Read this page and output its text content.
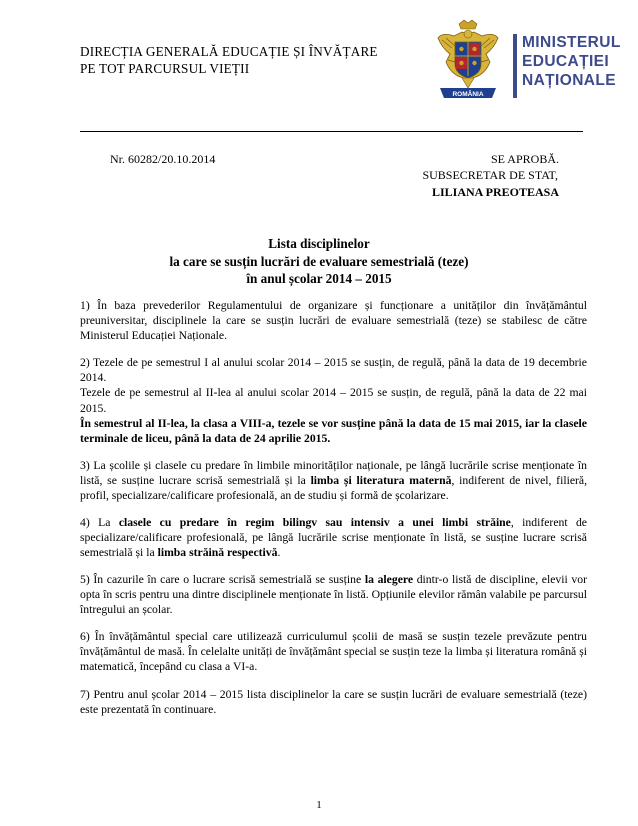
DIRECȚIA GENERALĂ EDUCAȚIE ȘI ÎNVĂȚARE
PE TOT PARCURSUL VIEȚII
ROMÂNIA
MINISTERUL
EDUCAȚIEI
NAȚIONALE
Nr. 60282/20.10.2014	SE APROBĂ.
SUBSECRETAR DE STAT,
LILIANA PREOTEASA
Lista disciplinelor
la care se susțin lucrări de evaluare semestrială (teze)
în anul școlar 2014 – 2015

1) În baza prevederilor Regulamentului de organizare și funcționare a unităților din învățământul preuniversitar, disciplinele la care se susțin lucrări de evaluare semestrială (teze) se stabilesc de către Ministerul Educației Naționale.

2) Tezele de pe semestrul I al anului scolar 2014 – 2015 se susțin, de regulă, până la data de 19 decembrie 2014.

Tezele de pe semestrul al II-lea al anului scolar 2014 – 2015 se susțin, de regulă, până la data de 22 mai 2015.

În semestrul al II-lea, la clasa a VIII-a, tezele se vor susține până la data de 15 mai 2015, iar la clasele terminale de liceu, până la data de 24 aprilie 2015.

3) La școlile și clasele cu predare în limbile minorităților naționale, pe lângă lucrările scrise menționate în listă, se susține lucrare scrisă semestrială și la limba și literatura maternă, indiferent de nivel, filieră, profil, specializare/calificare profesională, an de studiu și formă de școlarizare.

4) La clasele cu predare în regim bilingv sau intensiv a unei limbi străine, indiferent de specializare/calificare profesională, pe lângă lucrările scrise menționate în listă, se susține lucrare scrisă semestrială și la limba străină respectivă.

5) În cazurile în care o lucrare scrisă semestrială se susține la alegere dintr-o listă de discipline, elevii vor opta în scris pentru una dintre disciplinele menționate în listă. Opțiunile elevilor rămân valabile pe parcursul întregului an școlar.

6) În învățământul special care utilizează curriculumul școlii de masă se susțin tezele prevăzute pentru învățământul de masă. În celelalte unități de învățământ special se susțin teze la limba și literatura română și matematică, începând cu clasa a VI-a.

7) Pentru anul școlar 2014 – 2015 lista disciplinelor la care se susțin lucrări de evaluare semestrială (teze) este prezentată în continuare.

1
